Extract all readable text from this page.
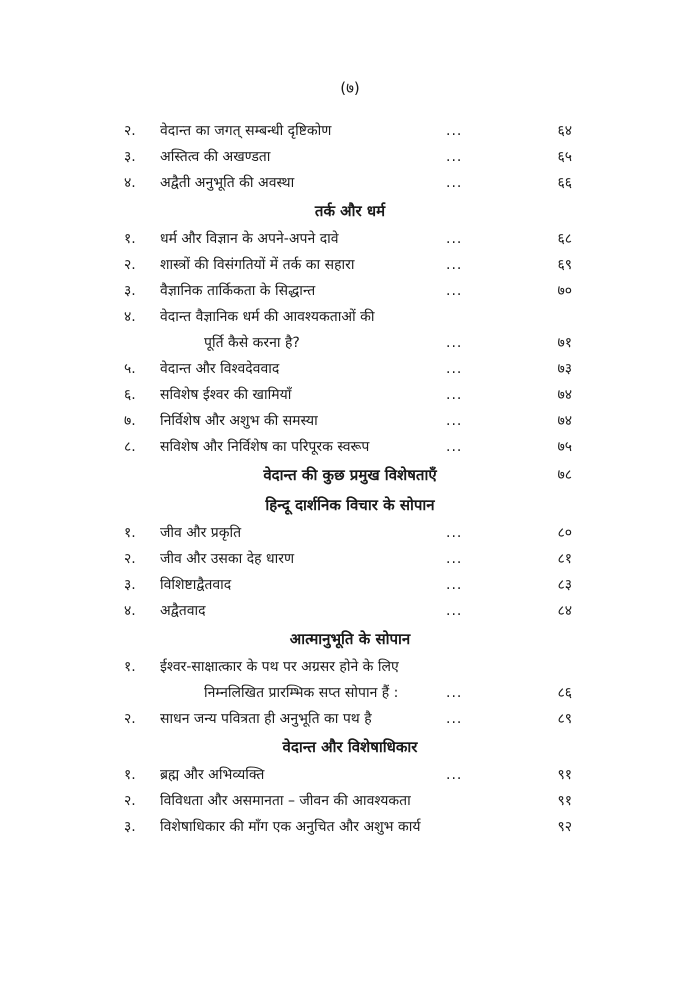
(७)
२. वेदान्त का जगत् सम्बन्धी दृष्टिकोण	...	६४
३. अस्तित्व की अखण्डता	...	६५
४. अद्वैती अनुभूति की अवस्था	...	६६
तर्क और धर्म
१. धर्म और विज्ञान के अपने-अपने दावे	...	६८
२. शास्त्रों की विसंगतियों में तर्क का सहारा	...	६९
३. वैज्ञानिक तार्किकता के सिद्धान्त	...	७०
४. वेदान्त वैज्ञानिक धर्म की आवश्यकताओं की
पूर्ति कैसे करना है?	...	७१
५. वेदान्त और विश्वदेववाद	...	७३
६. सविशेष ईश्वर की खामियाँ	...	७४
७. निर्विशेष और अशुभ की समस्या	...	७४
८. सविशेष और निर्विशेष का परिपूरक स्वरूप	...	७५
वेदान्त की कुछ प्रमुख विशेषताएँ	७८
हिन्दू दार्शनिक विचार के सोपान
१. जीव और प्रकृति	...	८०
२. जीव और उसका देह धारण	...	८१
३. विशिष्टाद्वैतवाद	...	८३
४. अद्वैतवाद	...	८४
आत्मानुभूति के सोपान
१. ईश्वर-साक्षात्कार के पथ पर अग्रसर होने के लिए
निम्नलिखित प्रारम्भिक सप्त सोपान हैं :	...	८६
२. साधन जन्य पवित्रता ही अनुभूति का पथ है	...	८९
वेदान्त और विशेषाधिकार
१. ब्रह्म और अभिव्यक्ति	...	९१
२. विविधता और असमानता – जीवन की आवश्यकता	९१
३. विशेषाधिकार की माँग एक अनुचित और अशुभ कार्य	९२
